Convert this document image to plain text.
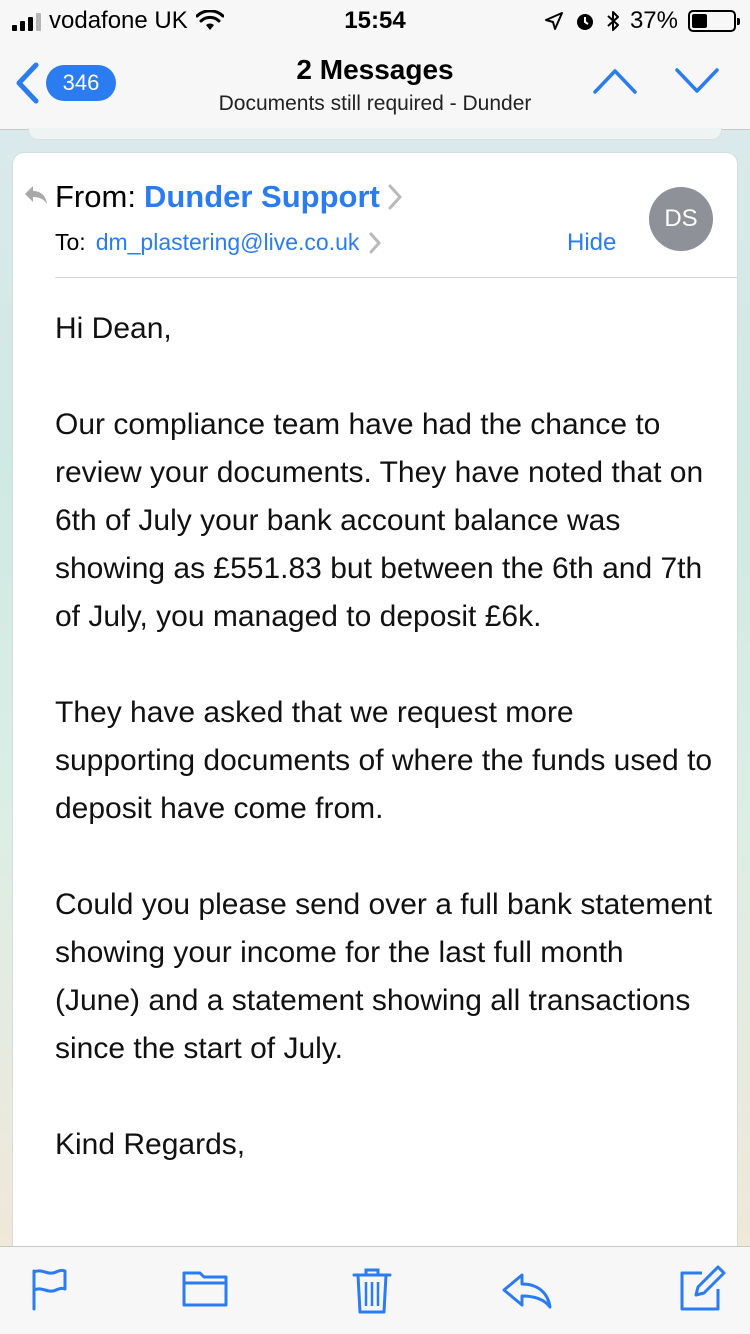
vodafone UK	15:54	37%
346	2 Messages
Documents still required - Dunder
From: Dunder Support
To: dm_plastering@live.co.uk	Hide
DS

Hi Dean,

Our compliance team have had the chance to review your documents. They have noted that on 6th of July your bank account balance was showing as £551.83 but between the 6th and 7th of July, you managed to deposit £6k.

They have asked that we request more supporting documents of where the funds used to deposit have come from.

Could you please send over a full bank statement showing your income for the last full month (June) and a statement showing all transactions since the start of July.

Kind Regards,
